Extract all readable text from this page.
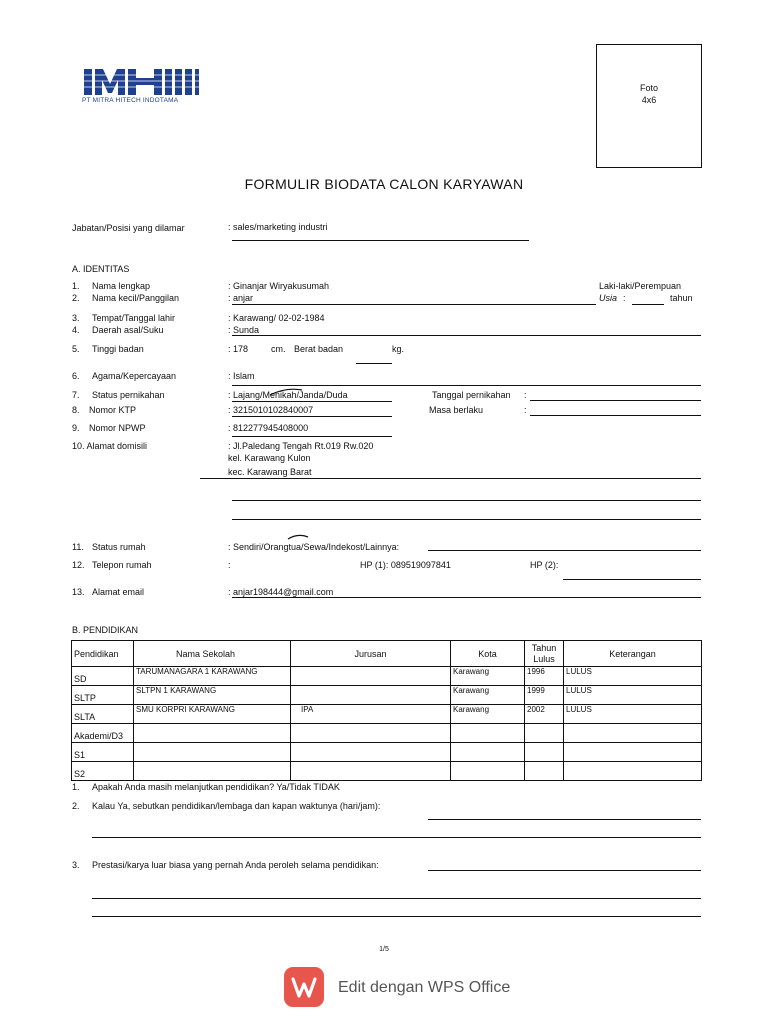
PT MITRA HITECH INDOTAMA
Foto
4x6
FORMULIR BIODATA CALON KARYAWAN
Jabatan/Posisi yang dilamar	: sales/marketing industri
A. IDENTITAS
1. Nama lengkap	: Ginanjar Wiryakusumah	Laki-laki/Perempuan
2. Nama kecil/Panggilan	: anjar	Usia :	tahun
3. Tempat/Tanggal lahir	: Karawang/ 02-02-1984
4. Daerah asal/Suku	: Sunda
5. Tinggi badan	: 178	cm. Berat badan	kg.
6. Agama/Kepercayaan	: Islam
7. Status pernikahan	: Lajang/Menikah/Janda/Duda	Tanggal pernikahan :
8. Nomor KTP	: 3215010102840007	Masa berlaku	:
9. Nomor NPWP	: 812277945408000
10. Alamat domisili	: Jl.Paledang Tengah Rt.019 Rw.020
kel. Karawang Kulon
kec. Karawang Barat
11. Status rumah	: Sendiri/Orangtua/Sewa/Indekost/Lainnya:
12. Telepon rumah	:	HP (1): 089519097841	HP (2):
13. Alamat email	: anjar198444@gmail.com
B. PENDIDIKAN
Pendidikan	Nama Sekolah	Jurusan	Kota	Tahun Lulus	Keterangan
SD	TARUMANAGARA 1 KARAWANG		Karawang	1996	LULUS
SLTP	SLTPN 1 KARAWANG		Karawang	1999	LULUS
SLTA	SMU KORPRI KARAWANG	IPA	Karawang	2002	LULUS
Akademi/D3					
S1					
S2					
1. Apakah Anda masih melanjutkan pendidikan? Ya/Tidak TIDAK
2. Kalau Ya, sebutkan pendidikan/lembaga dan kapan waktunya (hari/jam):
3. Prestasi/karya luar biasa yang pernah Anda peroleh selama pendidikan:
1/5
Edit dengan WPS Office
